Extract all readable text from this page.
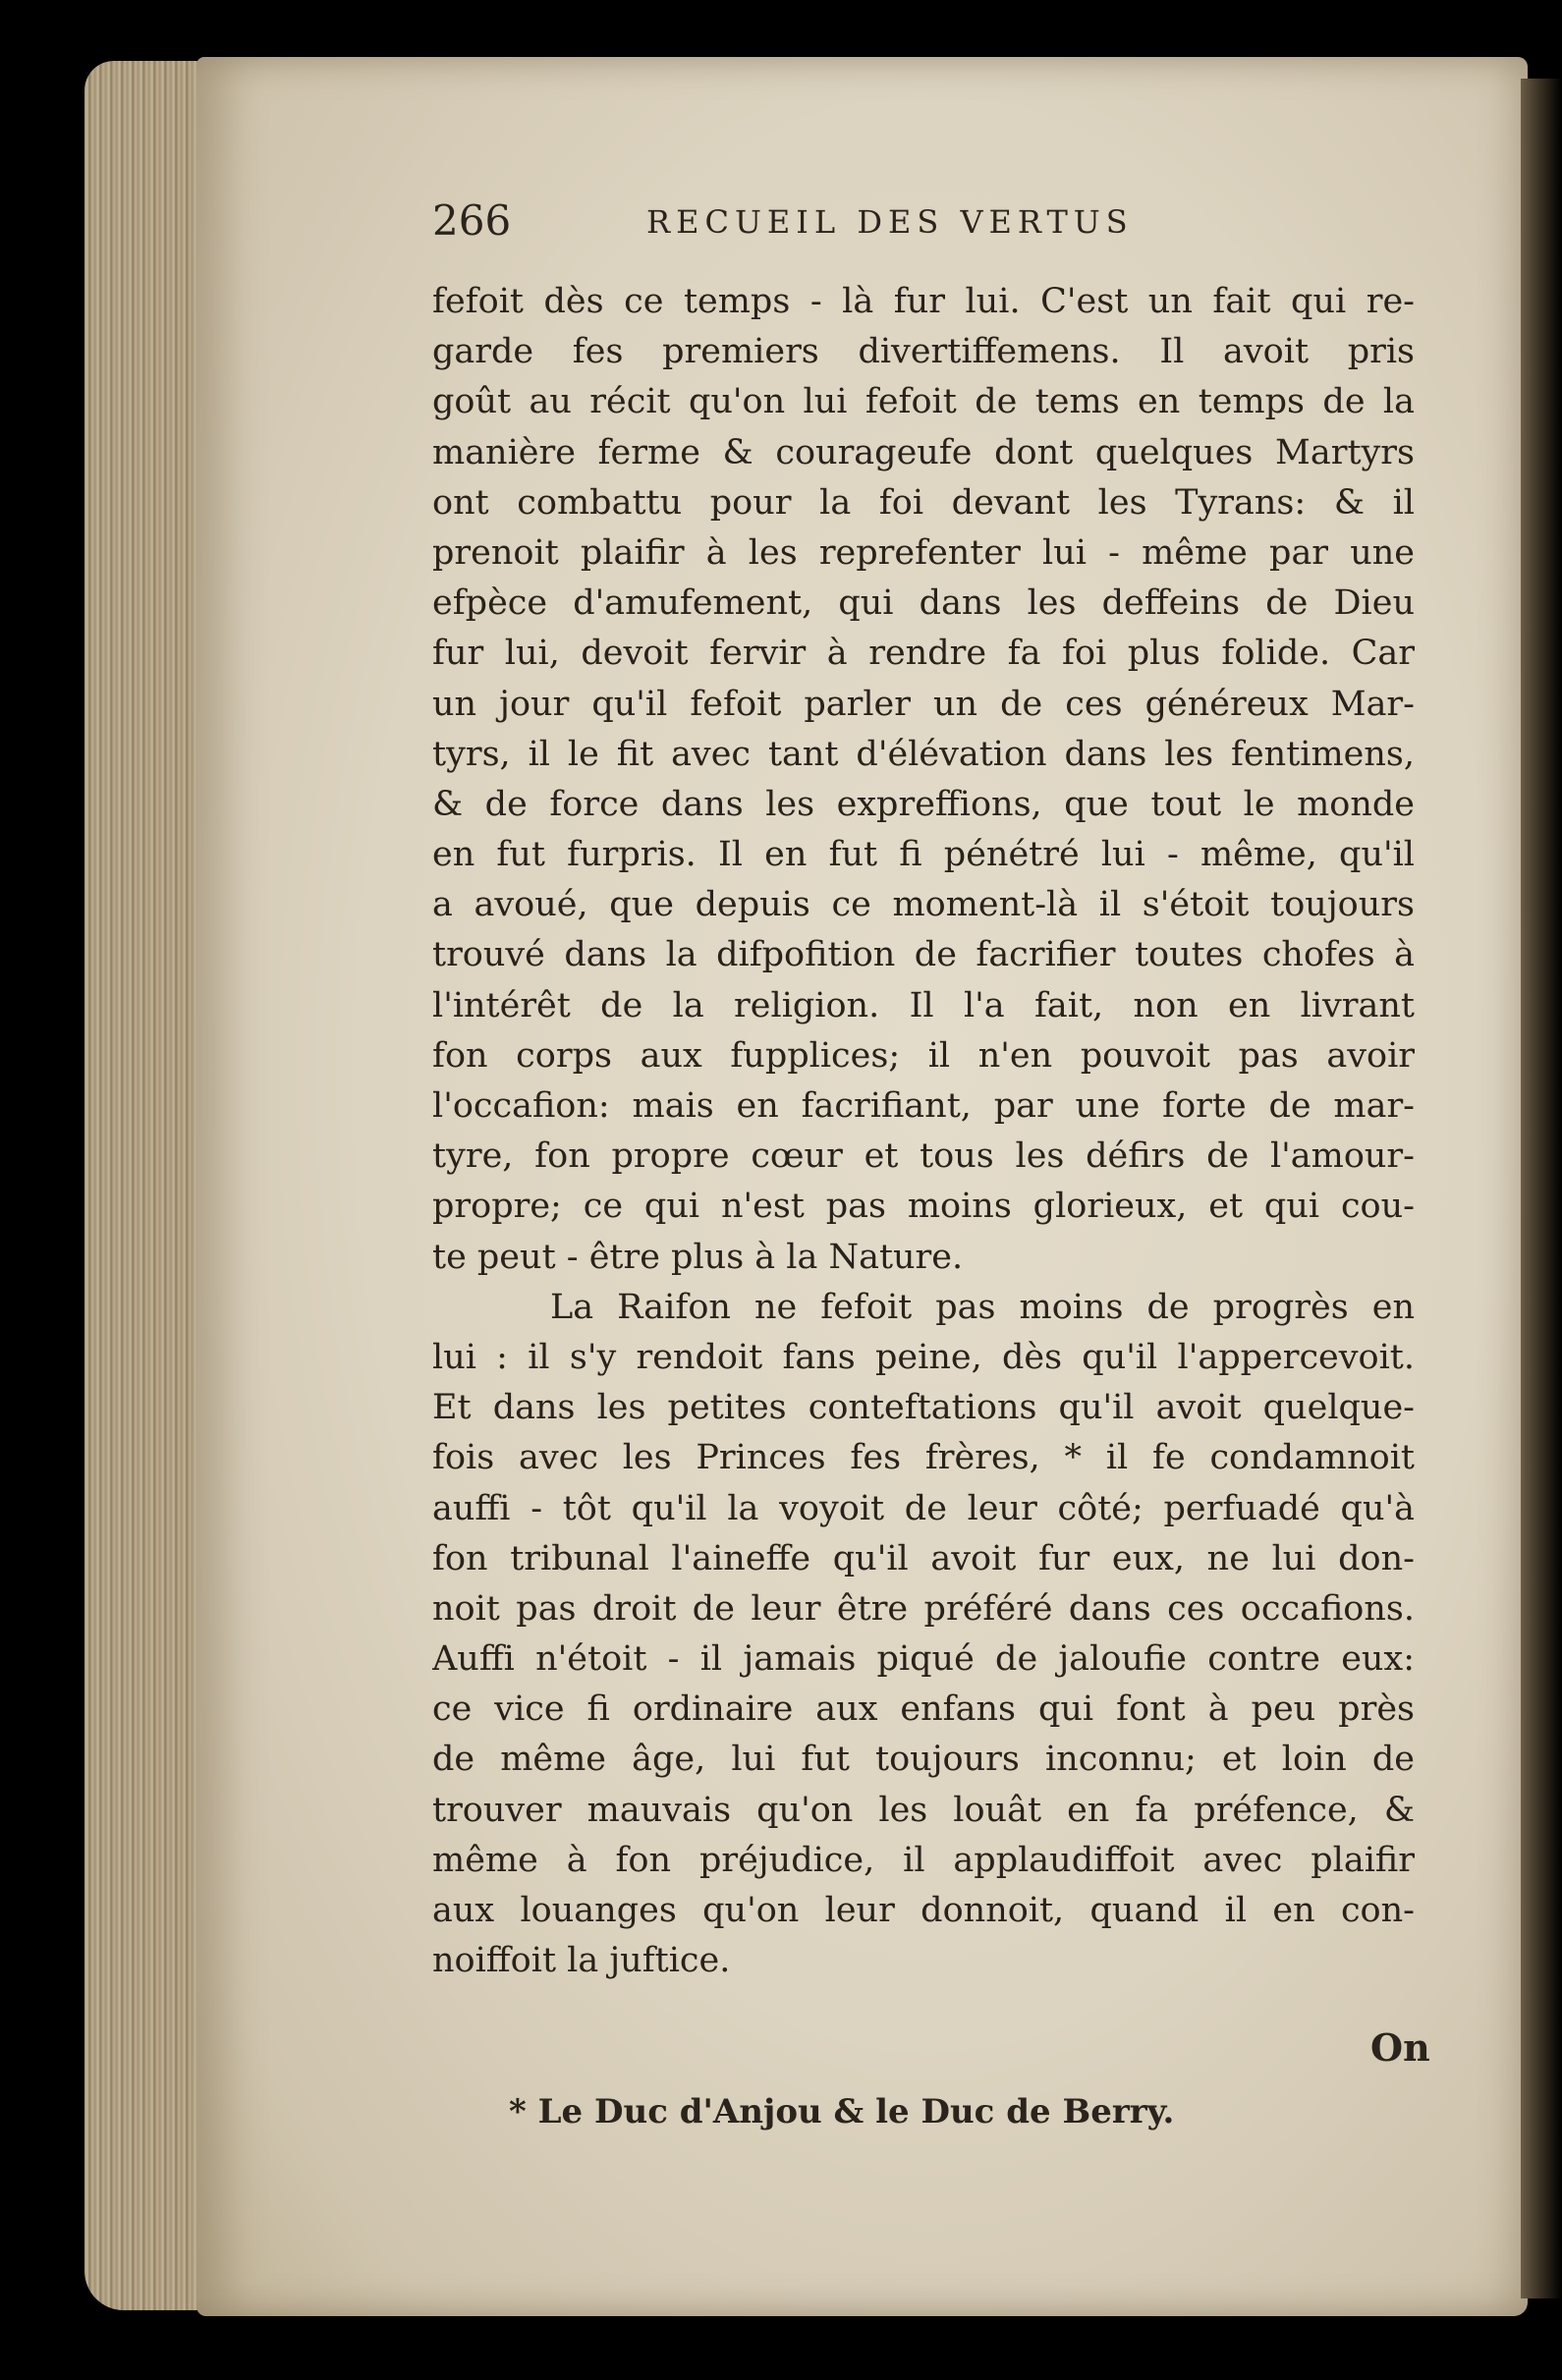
266	RECUEIL DES VERTUS
fefoit dès ce temps - là fur lui. C'est un fait qui re-
garde fes premiers divertiffemens. Il avoit pris
goût au récit qu'on lui fefoit de tems en temps de la
manière ferme & courageufe dont quelques Martyrs
ont combattu pour la foi devant les Tyrans: & il
prenoit plaifir à les reprefenter lui - même par une
efpèce d'amufement, qui dans les deffeins de Dieu
fur lui, devoit fervir à rendre fa foi plus folide. Car
un jour qu'il fefoit parler un de ces généreux Mar-
tyrs, il le fit avec tant d'élévation dans les fentimens,
& de force dans les expreffions, que tout le monde
en fut furpris. Il en fut fi pénétré lui - même, qu'il
a avoué, que depuis ce moment-là il s'étoit toujours
trouvé dans la difpofition de facrifier toutes chofes à
l'intérêt de la religion. Il l'a fait, non en livrant
fon corps aux fupplices; il n'en pouvoit pas avoir
l'occafion: mais en facrifiant, par une forte de mar-
tyre, fon propre cœur et tous les défirs de l'amour-
propre; ce qui n'est pas moins glorieux, et qui cou-
te peut - être plus à la Nature.
La Raifon ne fefoit pas moins de progrès en
lui : il s'y rendoit fans peine, dès qu'il l'appercevoit.
Et dans les petites conteftations qu'il avoit quelque-
fois avec les Princes fes frères, * il fe condamnoit
auffi - tôt qu'il la voyoit de leur côté; perfuadé qu'à
fon tribunal l'aineffe qu'il avoit fur eux, ne lui don-
noit pas droit de leur être préféré dans ces occafions.
Auffi n'étoit - il jamais piqué de jaloufie contre eux:
ce vice fi ordinaire aux enfans qui font à peu près
de même âge, lui fut toujours inconnu; et loin de
trouver mauvais qu'on les louât en fa préfence, &
même à fon préjudice, il applaudiffoit avec plaifir
aux louanges qu'on leur donnoit, quand il en con-
noiffoit la juftice.
On
* Le Duc d'Anjou & le Duc de Berry.
